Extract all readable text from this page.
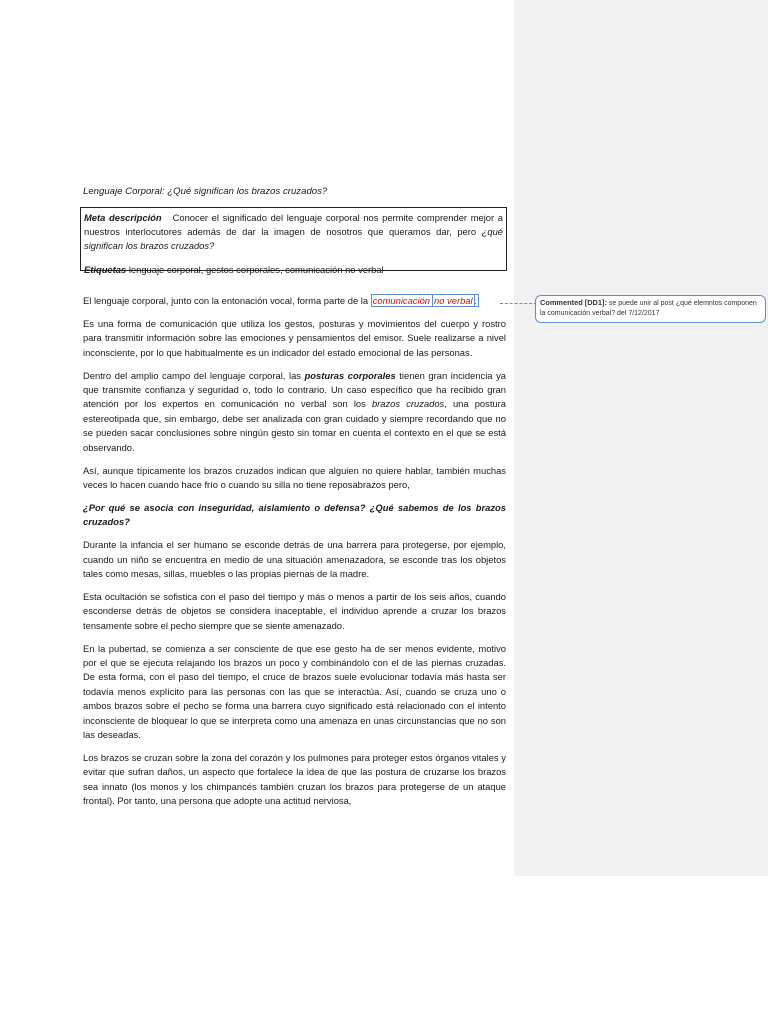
Lenguaje Corporal: ¿Qué significan los brazos cruzados?

Meta descripción Conocer el significado del lenguaje corporal nos permite comprender mejor a nuestros interlocutores además de dar la imagen de nosotros que queramos dar, pero ¿qué significan los brazos cruzados?

Etiquetas lenguaje corporal, gestos corporales, comunicación no verbal

El lenguaje corporal, junto con la entonación vocal, forma parte de la comunicación no verbal .

Es una forma de comunicación que utiliza los gestos, posturas y movimientos del cuerpo y rostro para transmitir información sobre las emociones y pensamientos del emisor. Suele realizarse a nivel inconsciente, por lo que habitualmente es un indicador del estado emocional de las personas.

Dentro del amplio campo del lenguaje corporal, las posturas corporales tienen gran incidencia ya que transmite confianza y seguridad o, todo lo contrario. Un caso específico que ha recibido gran atención por los expertos en comunicación no verbal son los brazos cruzados, una postura estereotipada que, sin embargo, debe ser analizada con gran cuidado y siempre recordando que no se pueden sacar conclusiones sobre ningún gesto sin tomar en cuenta el contexto en el que se está observando.

Así, aunque típicamente los brazos cruzados indican que alguien no quiere hablar, también muchas veces lo hacen cuando hace frío o cuando su silla no tiene reposabrazos pero,

¿Por qué se asocia con inseguridad, aislamiento o defensa? ¿Qué sabemos de los brazos cruzados?

Durante la infancia el ser humano se esconde detrás de una barrera para protegerse, por ejemplo, cuando un niño se encuentra en medio de una situación amenazadora, se esconde tras los objetos tales como mesas, sillas, muebles o las propias piernas de la madre.

Esta ocultación se sofistica con el paso del tiempo y más o menos a partir de los seis años, cuando esconderse detrás de objetos se considera inaceptable, el individuo aprende a cruzar los brazos tensamente sobre el pecho siempre que se siente amenazado.

En la pubertad, se comienza a ser consciente de que ese gesto ha de ser menos evidente, motivo por el que se ejecuta relajando los brazos un poco y combinándolo con el de las piernas cruzadas. De esta forma, con el paso del tiempo, el cruce de brazos suele evolucionar todavía más hasta ser todavía menos explícito para las personas con las que se interactúa. Así, cuando se cruza uno o ambos brazos sobre el pecho se forma una barrera cuyo significado está relacionado con el intento inconsciente de bloquear lo que se interpreta como una amenaza en unas circunstancias que no son las deseadas.

Los brazos se cruzan sobre la zona del corazón y los pulmones para proteger estos órganos vitales y evitar que sufran daños, un aspecto que fortalece la idea de que las postura de cruzarse los brazos sea innato (los monos y los chimpancés también cruzan los brazos para protegerse de un ataque frontal). Por tanto, una persona que adopte una actitud nerviosa,

Commented [DD1]: se puede unir al post ¿qué elemntos componen la comunicación verbal? del 7/12/2017
